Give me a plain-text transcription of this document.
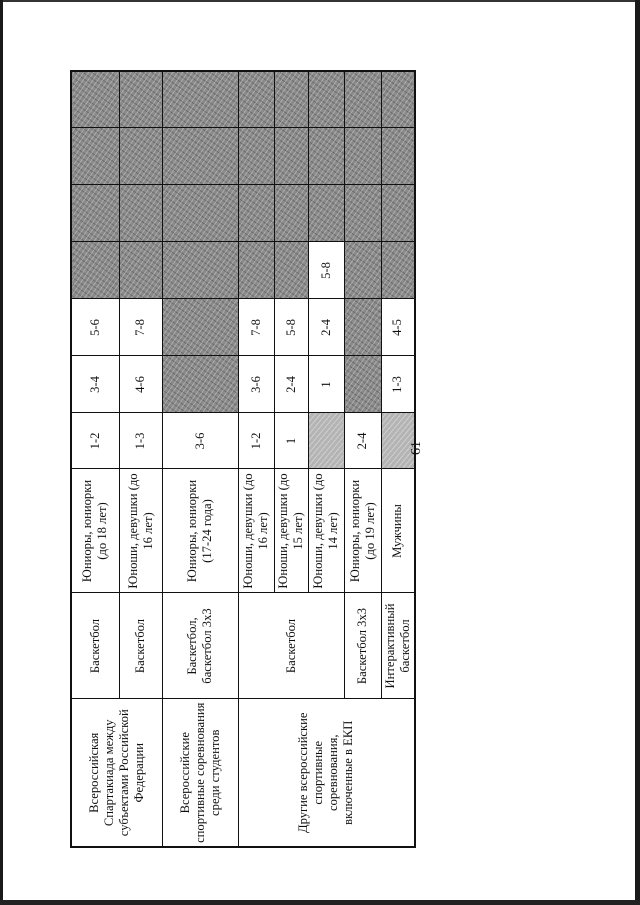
Всероссийская Спартакиада между субъектами Российской Федерации	Баскетбол	Юниоры, юниорки (до 18 лет)	1-2	3-4	5-6				
	Баскетбол	Юноши, девушки (до 16 лет)	1-3	4-6	7-8				
Всероссийские спортивные соревнования среди студентов	Баскетбол, баскетбол 3х3	Юниоры, юниорки (17-24 года)	3-6						
Другие всероссийские спортивные соревнования, включенные в ЕКП	Баскетбол	Юноши, девушки (до 16 лет)	1-2	3-6	7-8				
		Юноши, девушки (до 15 лет)	1	2-4	5-8				
		Юноши, девушки (до 14 лет)		1	2-4	5-8			
	Баскетбол 3х3	Юниоры, юниорки (до 19 лет)	2-4						
	Интерактивный баскетбол	Мужчины		1-3	4-5				
61
